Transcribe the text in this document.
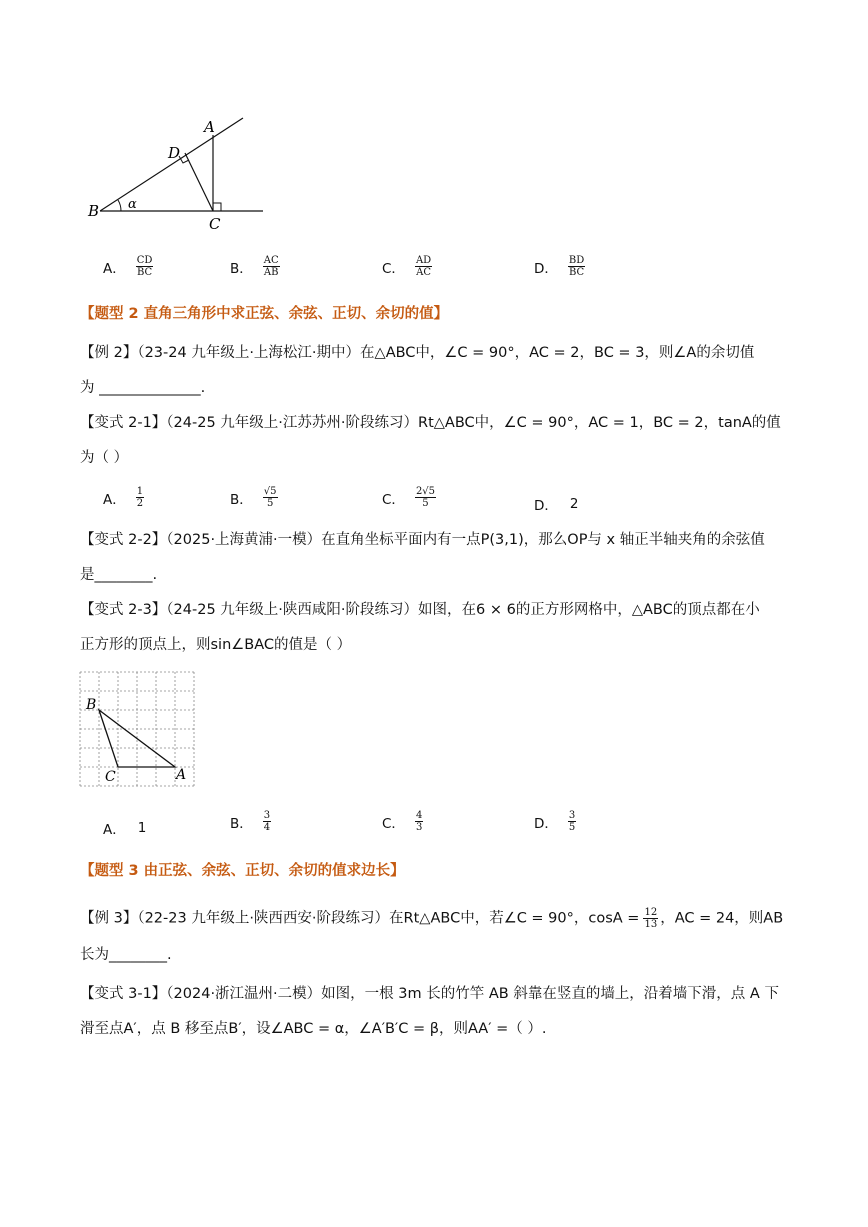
B
A
D
C
α
A． $\frac{CD}{BC}$	B． $\frac{AC}{AB}$	C． $\frac{AD}{AC}$	D． $\frac{BD}{BC}$
【题型 2 直角三角形中求正弦、余弦、正切、余切的值】
【例 2】（23-24 九年级上·上海松江·期中）在△ABC中，∠C = 90°，AC = 2，BC = 3，则∠A的余切值
为 ______________.
【变式 2-1】（24-25 九年级上·江苏苏州·阶段练习）Rt△ABC中，∠C = 90°，AC = 1，BC = 2，tanA的值
为（ ）
A． $\frac{1}{2}$	B． $\frac{√5}{5}$	C． $\frac{2√5}{5}$	D． 2
【变式 2-2】（2025·上海黄浦·一模）在直角坐标平面内有一点P(3,1)，那么OP与 x 轴正半轴夹角的余弦值
是________.
【变式 2-3】（24-25 九年级上·陕西咸阳·阶段练习）如图，在6 × 6的正方形网格中，△ABC的顶点都在小
正方形的顶点上，则sin∠BAC的值是（ ）
B
C	A
A． 1	B． $\frac{3}{4}$	C． $\frac{4}{3}$	D． $\frac{3}{5}$
【题型 3 由正弦、余弦、正切、余切的值求边长】
【例 3】（22-23 九年级上·陕西西安·阶段练习）在Rt△ABC中，若∠C = 90°，$\cos A = \frac{12}{13}$ ，AC = 24，则AB
长为________.
【变式 3-1】（2024·浙江温州·二模）如图，一根 3m 长的竹竿 AB 斜靠在竖直的墙上，沿着墙下滑，点 A 下
滑至点A′，点 B 移至点B′，设∠ABC = α，∠A′B′C = β，则AA′ =（ ）.
